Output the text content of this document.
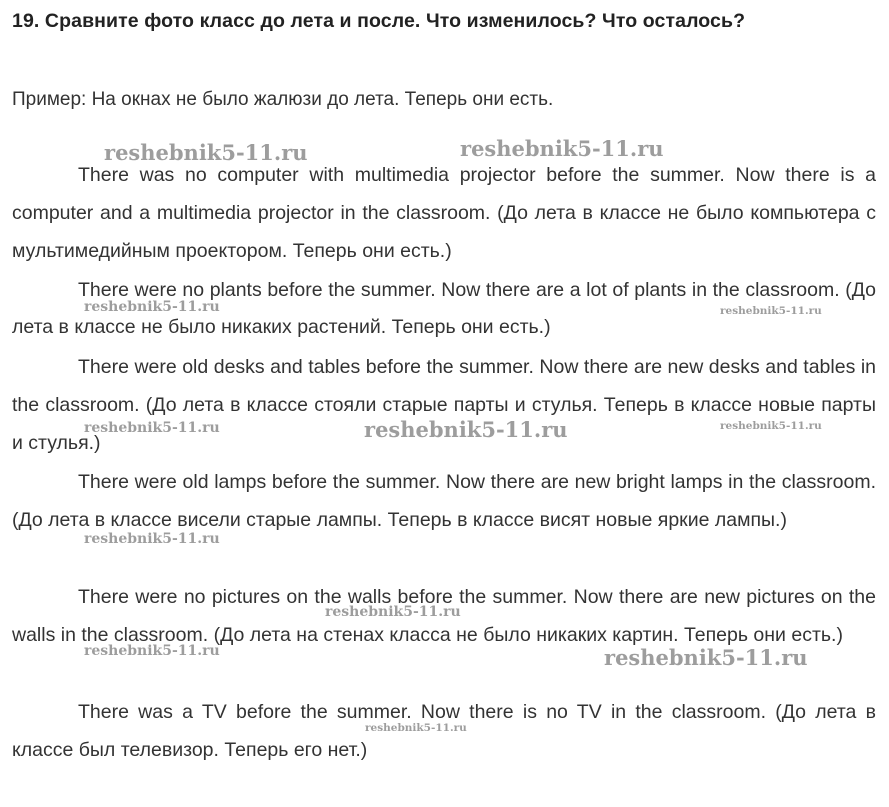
19. Сравните фото класс до лета и после. Что изменилось? Что осталось?
Пример: На окнах не было жалюзи до лета. Теперь они есть.

There was no computer with multimedia projector before the summer. Now there is a computer and a multimedia projector in the classroom. (До лета в классе не было компьютера с мультимедийным проектором. Теперь они есть.)

There were no plants before the summer. Now there are a lot of plants in the classroom. (До лета в классе не было никаких растений. Теперь они есть.)

There were old desks and tables before the summer. Now there are new desks and tables in the classroom. (До лета в классе стояли старые парты и стулья. Теперь в классе новые парты и стулья.)

There were old lamps before the summer. Now there are new bright lamps in the classroom. (До лета в классе висели старые лампы. Теперь в классе висят новые яркие лампы.)

There were no pictures on the walls before the summer. Now there are new pictures on the walls in the classroom. (До лета на стенах класса не было никаких картин. Теперь они есть.)

There was a TV before the summer. Now there is no TV in the classroom. (До лета в классе был телевизор. Теперь его нет.)

reshebnik5-11.ru	reshebnik5-11.ru
reshebnik5-11.ru	reshebnik5-11.ru
reshebnik5-11.ru	reshebnik5-11.ru	reshebnik5-11.ru
reshebnik5-11.ru
reshebnik5-11.ru
reshebnik5-11.ru	reshebnik5-11.ru
reshebnik5-11.ru
